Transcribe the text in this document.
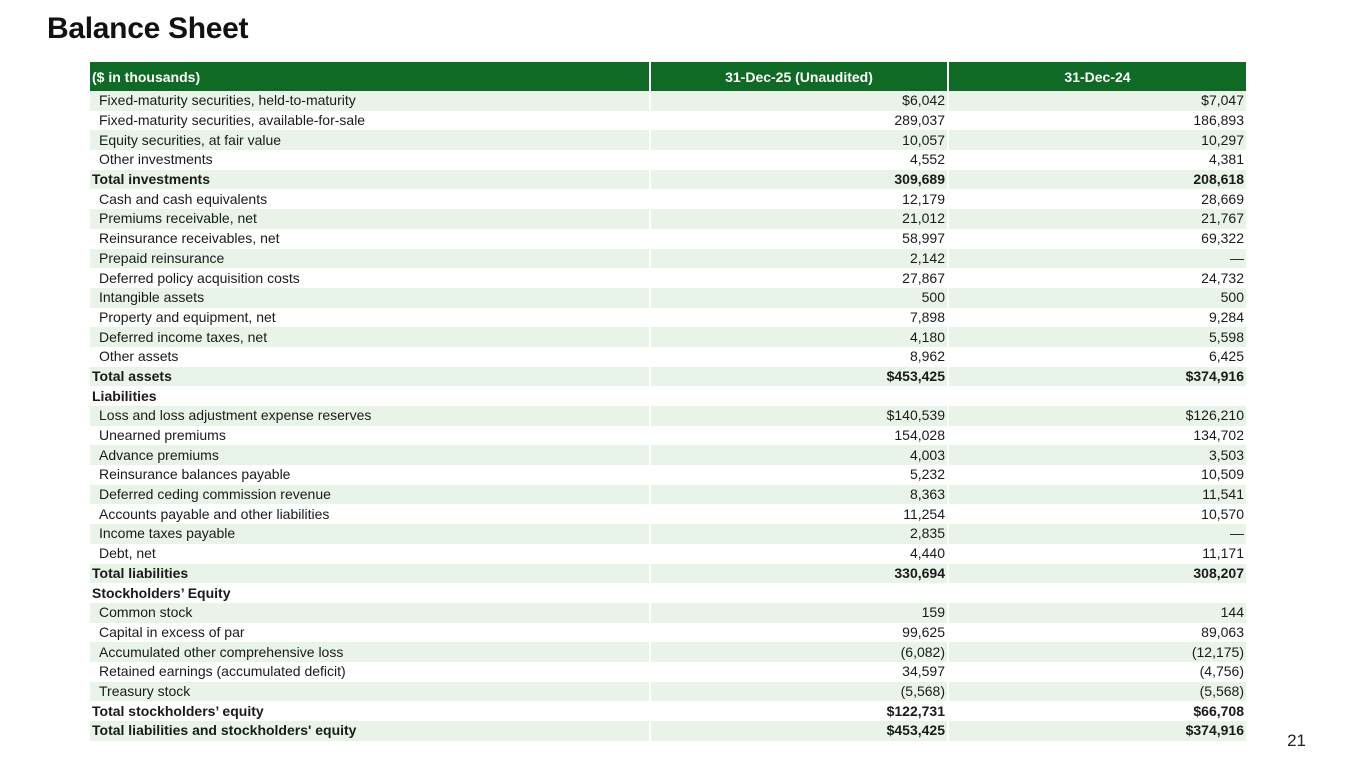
Balance Sheet
($ in thousands)	31-Dec-25 (Unaudited)	31-Dec-24
Fixed-maturity securities, held-to-maturity	$6,042	$7,047
Fixed-maturity securities, available-for-sale	289,037	186,893
Equity securities, at fair value	10,057	10,297
Other investments	4,552	4,381
Total investments	309,689	208,618
Cash and cash equivalents	12,179	28,669
Premiums receivable, net	21,012	21,767
Reinsurance receivables, net	58,997	69,322
Prepaid reinsurance	2,142	—
Deferred policy acquisition costs	27,867	24,732
Intangible assets	500	500
Property and equipment, net	7,898	9,284
Deferred income taxes, net	4,180	5,598
Other assets	8,962	6,425
Total assets	$453,425	$374,916
Liabilities		
Loss and loss adjustment expense reserves	$140,539	$126,210
Unearned premiums	154,028	134,702
Advance premiums	4,003	3,503
Reinsurance balances payable	5,232	10,509
Deferred ceding commission revenue	8,363	11,541
Accounts payable and other liabilities	11,254	10,570
Income taxes payable	2,835	—
Debt, net	4,440	11,171
Total liabilities	330,694	308,207
Stockholders’ Equity		
Common stock	159	144
Capital in excess of par	99,625	89,063
Accumulated other comprehensive loss	(6,082)	(12,175)
Retained earnings (accumulated deficit)	34,597	(4,756)
Treasury stock	(5,568)	(5,568)
Total stockholders’ equity	$122,731	$66,708
Total liabilities and stockholders' equity	$453,425	$374,916
21
